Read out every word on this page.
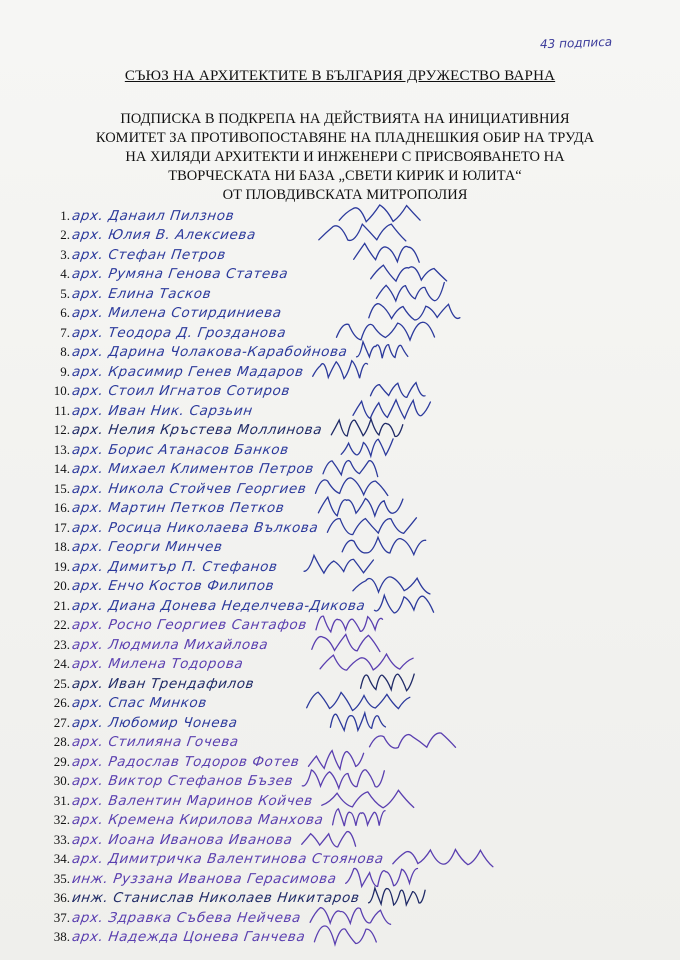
43 подписа
СЪЮЗ НА АРХИТЕКТИТЕ В БЪЛГАРИЯ ДРУЖЕСТВО ВАРНА
ПОДПИСКА В ПОДКРЕПА НА ДЕЙСТВИЯТА НА ИНИЦИАТИВНИЯ
КОМИТЕТ ЗА ПРОТИВОПОСТАВЯНЕ НА ПЛАДНЕШКИЯ ОБИР НА ТРУДА
НА ХИЛЯДИ АРХИТЕКТИ И ИНЖЕНЕРИ С ПРИСВОЯВАНЕТО НА
ТВОРЧЕСКАТА НИ БАЗА „СВЕТИ КИРИК И ЮЛИТА“
ОТ ПЛОВДИВСКАТА МИТРОПОЛИЯ
1. арх. Данаил Пилзнов
2. арх. Юлия В. Алексиева
3. арх. Стефан Петров
4. арх. Румяна Генова Статева
5. арх. Елина Тасков
6. арх. Милена Сотирдиниева
7. арх. Теодора Д. Грозданова
8. арх. Дарина Чолакова-Карабойнова
9. арх. Красимир Генев Мадаров
10. арх. Стоил Игнатов Сотиров
11. арх. Иван Ник. Сарзьин
12. арх. Нелия Кръстева Моллинова
13. арх. Борис Атанасов Банков
14. арх. Михаел Климентов Петров
15. арх. Никола Стойчев Георгиев
16. арх. Мартин Петков Петков
17. арх. Росица Николаева Вълкова
18. арх. Георги Минчев
19. арх. Димитър П. Стефанов
20. арх. Енчо Костов Филипов
21. арх. Диана Донева Неделчева-Дикова
22. арх. Росно Георгиев Сантафов
23. арх. Людмила Михайлова
24. арх. Милена Тодорова
25. арх. Иван Трендафилов
26. арх. Спас Минков
27. арх. Любомир Чонева
28. арх. Стилияна Гочева
29. арх. Радослав Тодоров Фотев
30. арх. Виктор Стефанов Бъзев
31. арх. Валентин Маринов Койчев
32. арх. Кремена Кирилова Манхова
33. арх. Иоана Иванова Иванова
34. арх. Димитричка Валентинова Стоянова
35. инж. Руззана Иванова Герасимова
36. инж. Станислав Николаев Никитаров
37. арх. Здравка Събева Нейчева
38. арх. Надежда Цонева Ганчева
